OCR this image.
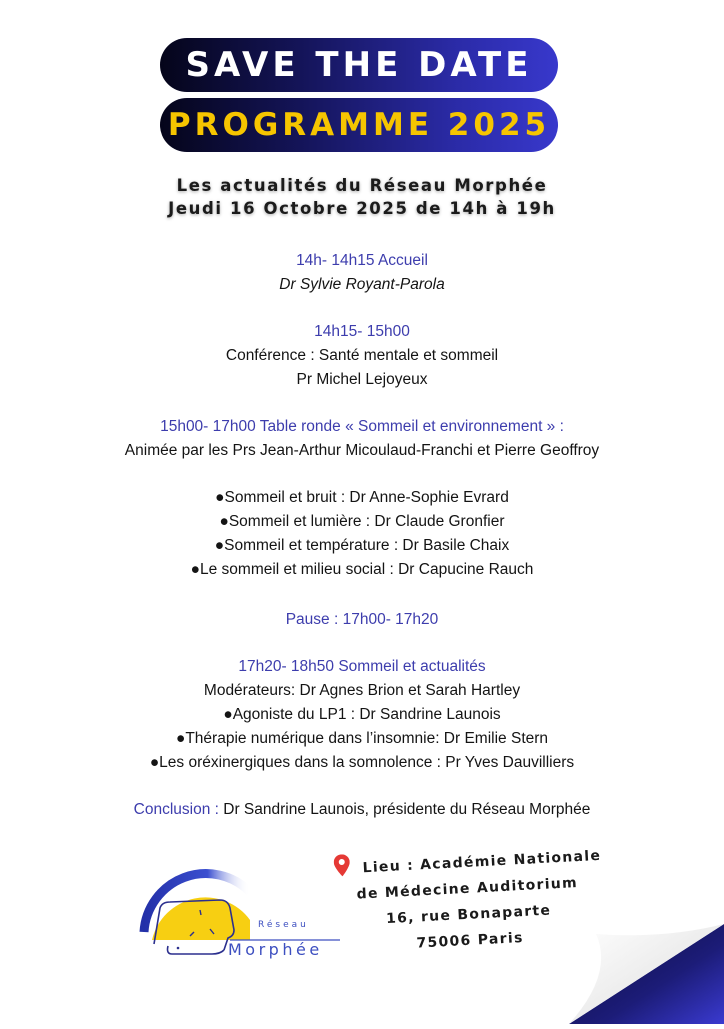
SAVE THE DATE
PROGRAMME 2025
Les actualités du Réseau Morphée
Jeudi 16 Octobre 2025 de 14h à 19h
14h- 14h15 Accueil
Dr Sylvie Royant-Parola
14h15- 15h00
Conférence : Santé mentale et sommeil
Pr Michel Lejoyeux
15h00- 17h00 Table ronde « Sommeil et environnement » :
Animée par les Prs Jean-Arthur Micoulaud-Franchi et Pierre Geoffroy
●Sommeil et bruit : Dr Anne-Sophie Evrard
●Sommeil et lumière : Dr Claude Gronfier
●Sommeil et température : Dr Basile Chaix
●Le sommeil et milieu social : Dr Capucine Rauch
Pause : 17h00- 17h20
17h20- 18h50 Sommeil et actualités
Modérateurs: Dr Agnes Brion et Sarah Hartley
●Agoniste du LP1 : Dr Sandrine Launois
●Thérapie numérique dans l’insomnie: Dr Emilie Stern
●Les oréxinergiques dans la somnolence : Pr Yves Dauvilliers
Conclusion : Dr Sandrine Launois, présidente du Réseau Morphée
Réseau
Morphée
Lieu : Académie Nationale
de Médecine Auditorium
16, rue Bonaparte
75006 Paris
